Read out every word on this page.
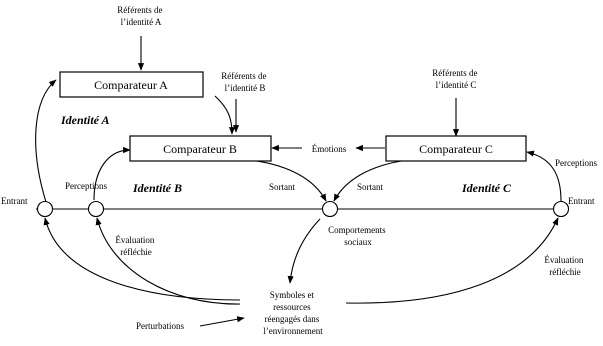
Comparateur A
Comparateur B	Comparateur C
Référents de l’identité A
Référents de l’identité B
Référents de l’identité C
Identité A
Identité B	Identité C
Émotions
Perceptions
Perceptions
Entrant	Entrant
Sortant	Sortant
Comportements sociaux
Évaluation réfléchie
Évaluation réfléchie
Symboles et ressources réengagés dans l’environnement
Perturbations
